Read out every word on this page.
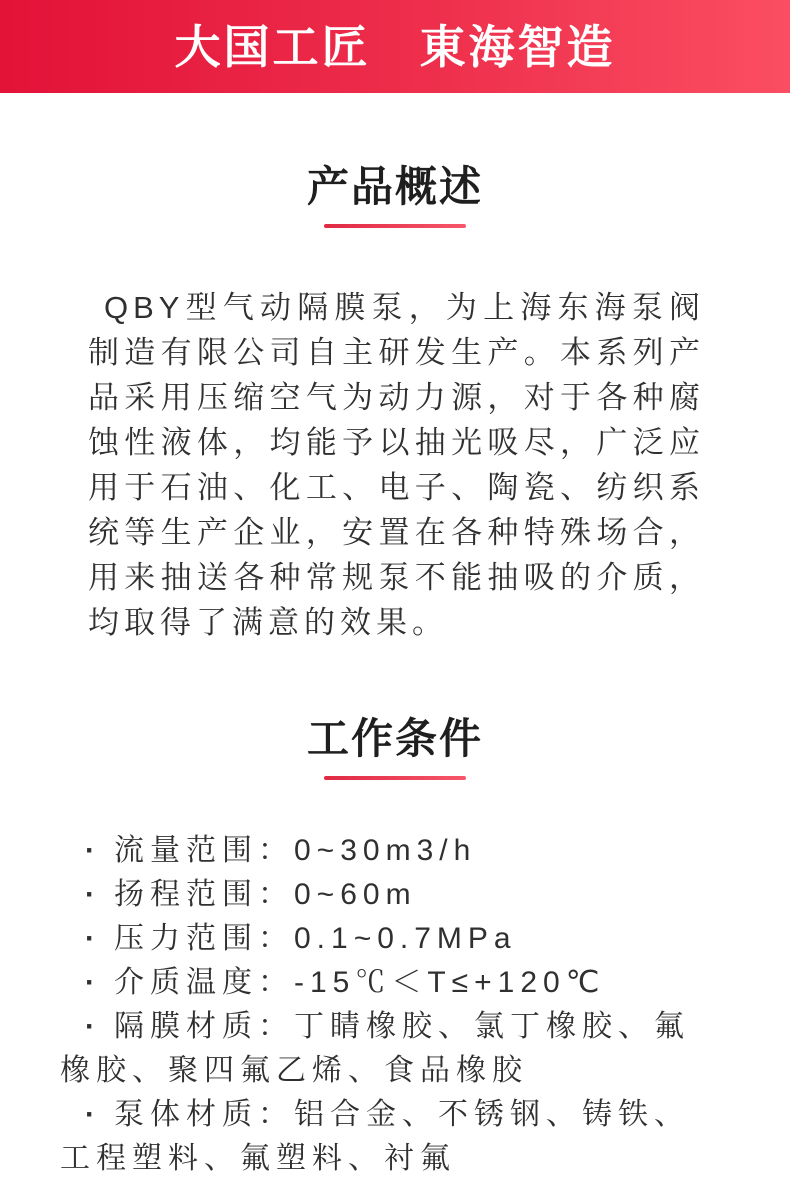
大国工匠　東海智造
产品概述

QBY型气动隔膜泵，为上海东海泵阀制造有限公司自主研发生产。本系列产品采用压缩空气为动力源，对于各种腐蚀性液体，均能予以抽光吸尽，广泛应用于石油、化工、电子、陶瓷、纺织系统等生产企业，安置在各种特殊场合，用来抽送各种常规泵不能抽吸的介质，均取得了满意的效果。

工作条件
· 流量范围：0~30m3/h
· 扬程范围：0~60m
· 压力范围：0.1~0.7MPa
· 介质温度：-15℃＜T≤+120℃
· 隔膜材质：丁睛橡胶、氯丁橡胶、氟橡胶、聚四氟乙烯、食品橡胶
· 泵体材质：铝合金、不锈钢、铸铁、工程塑料、氟塑料、衬氟
